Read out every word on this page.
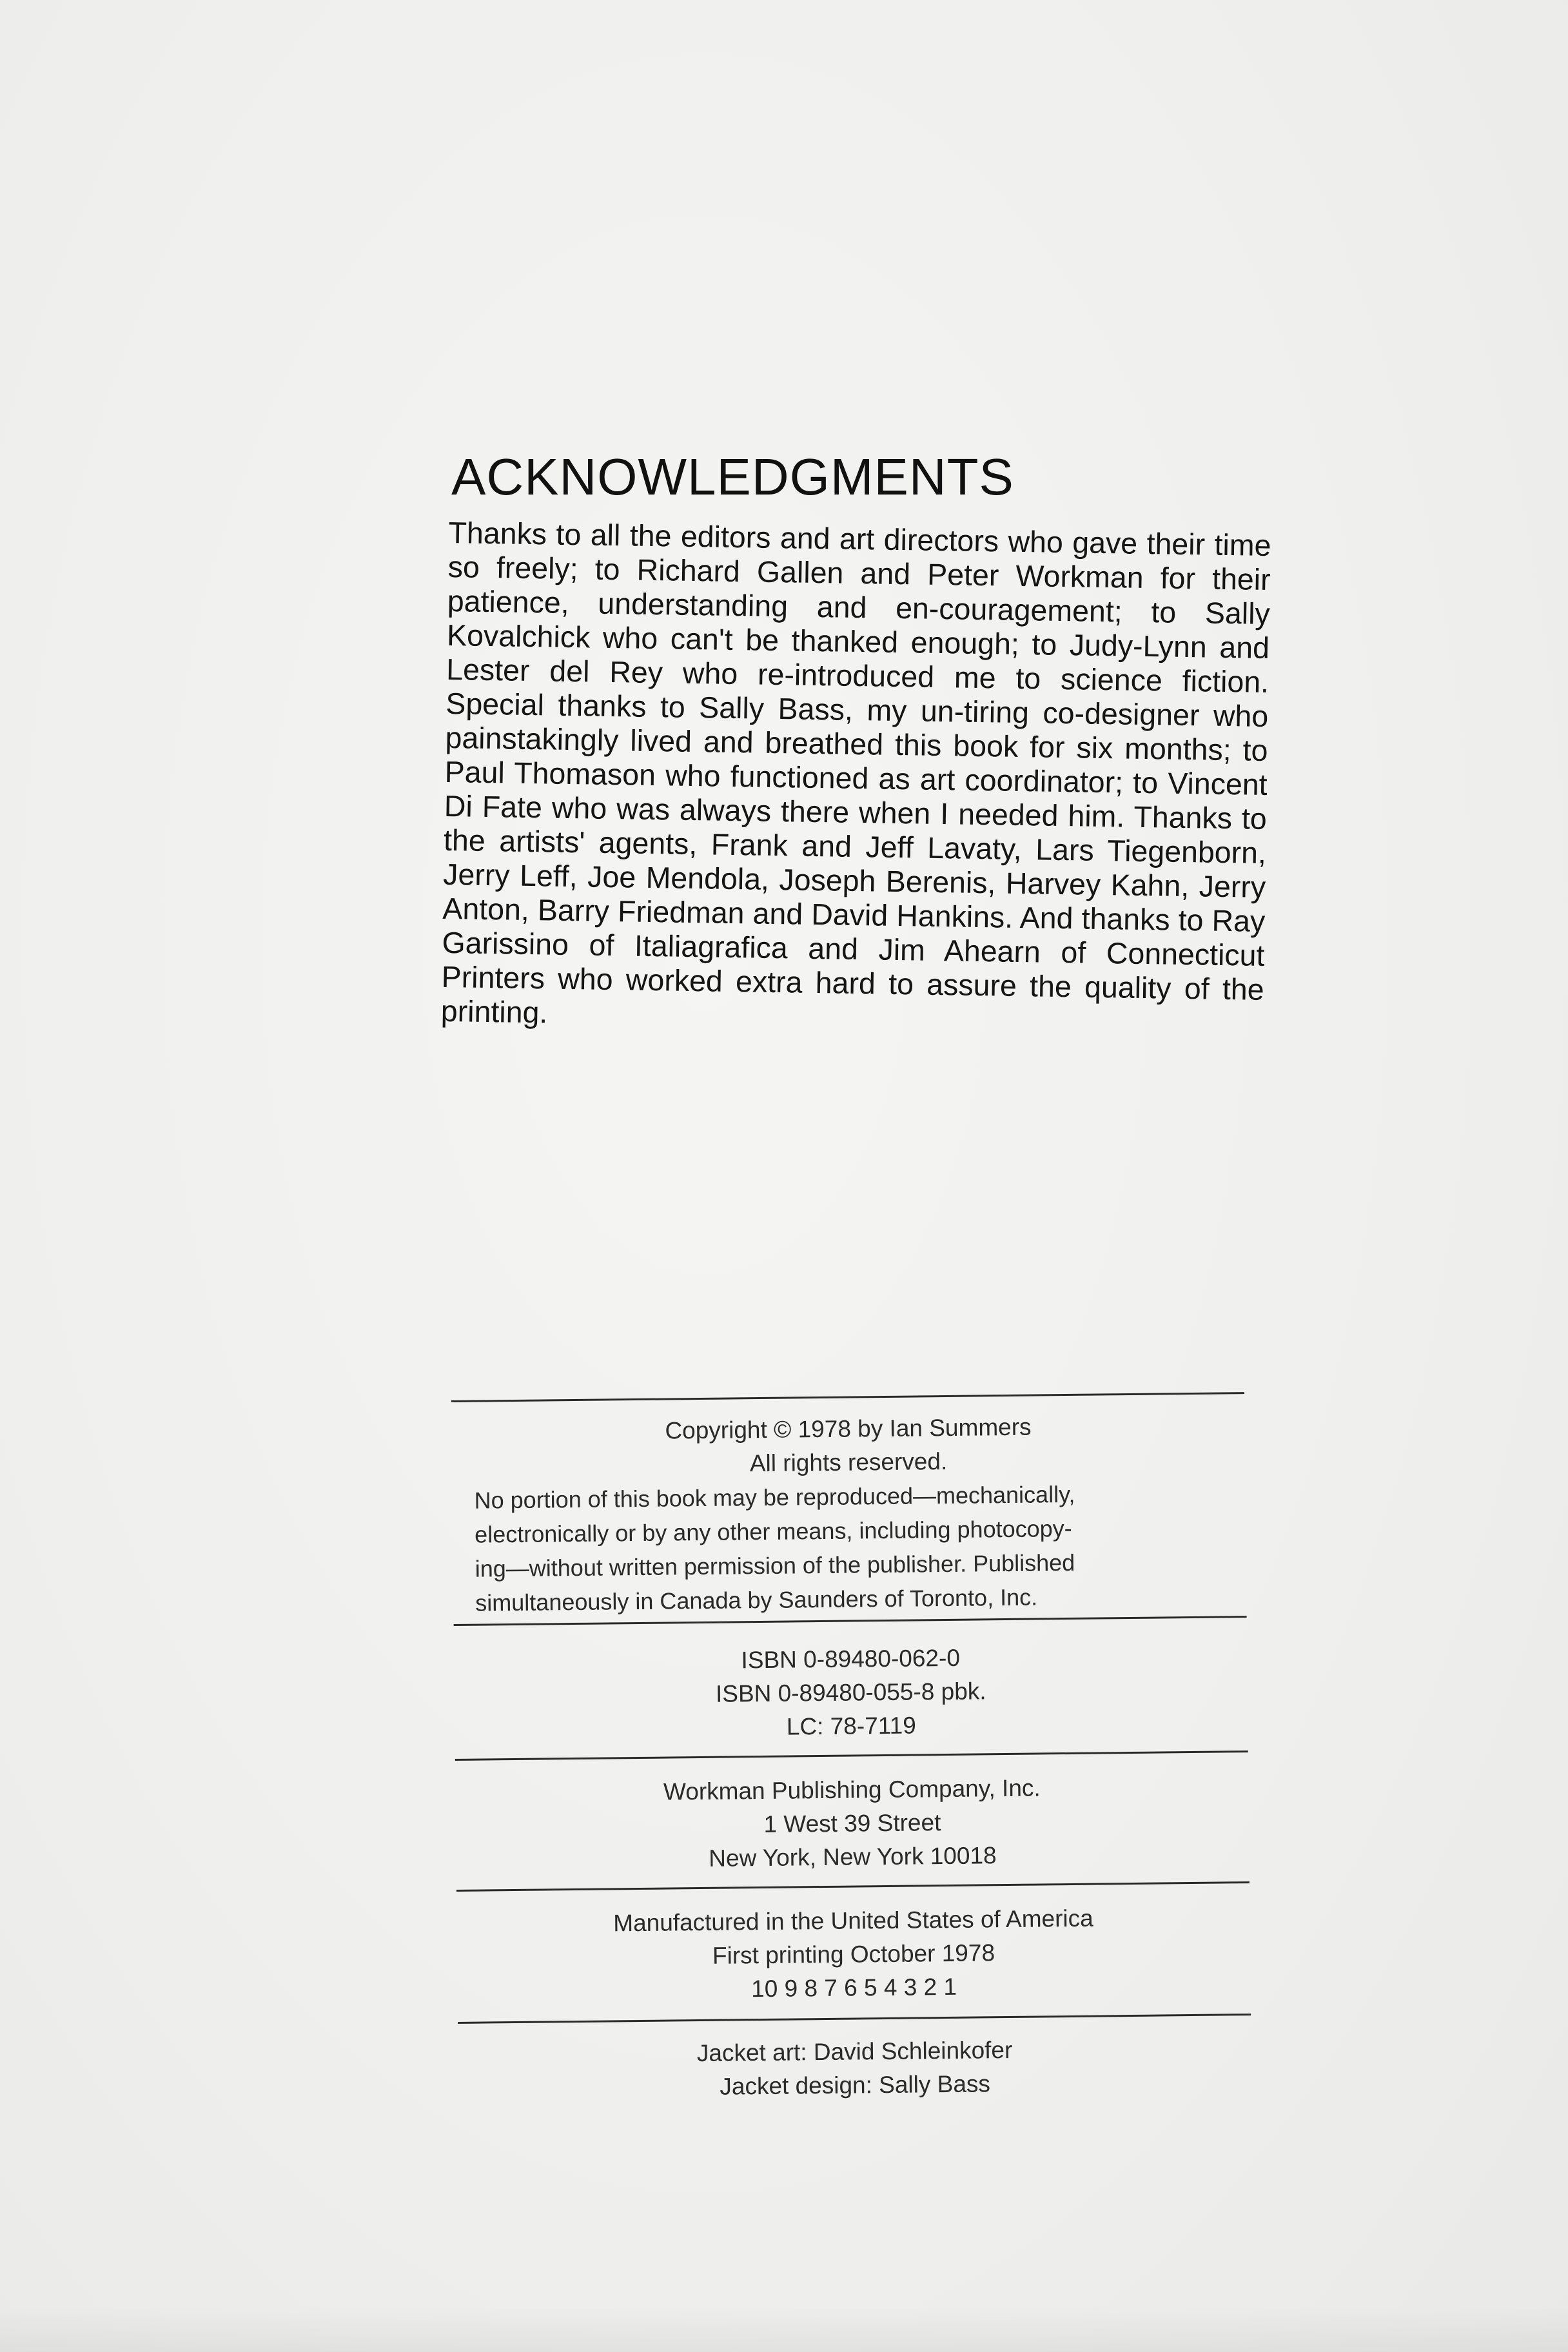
ACKNOWLEDGMENTS

Thanks to all the editors and art directors who gave their time so freely; to Richard Gallen and Peter Workman for their patience, understanding and en-couragement; to Sally Kovalchick who can't be thanked enough; to Judy-Lynn and Lester del Rey who re-introduced me to science fiction. Special thanks to Sally Bass, my un-tiring co-designer who painstakingly lived and breathed this book for six months; to Paul Thomason who functioned as art coordinator; to Vincent Di Fate who was always there when I needed him. Thanks to the artists' agents, Frank and Jeff Lavaty, Lars Tiegenborn, Jerry Leff, Joe Mendola, Joseph Berenis, Harvey Kahn, Jerry Anton, Barry Friedman and David Hankins. And thanks to Ray Garissino of Italiagrafica and Jim Ahearn of Connecticut Printers who worked extra hard to assure the quality of the printing.

Copyright © 1978 by Ian Summers
All rights reserved.
No portion of this book may be reproduced—mechanically,
electronically or by any other means, including photocopy-
ing—without written permission of the publisher. Published
simultaneously in Canada by Saunders of Toronto, Inc.
ISBN 0-89480-062-0
ISBN 0-89480-055-8 pbk.
LC: 78-7119
Workman Publishing Company, Inc.
1 West 39 Street
New York, New York 10018
Manufactured in the United States of America
First printing October 1978
10 9 8 7 6 5 4 3 2 1
Jacket art: David Schleinkofer
Jacket design: Sally Bass
